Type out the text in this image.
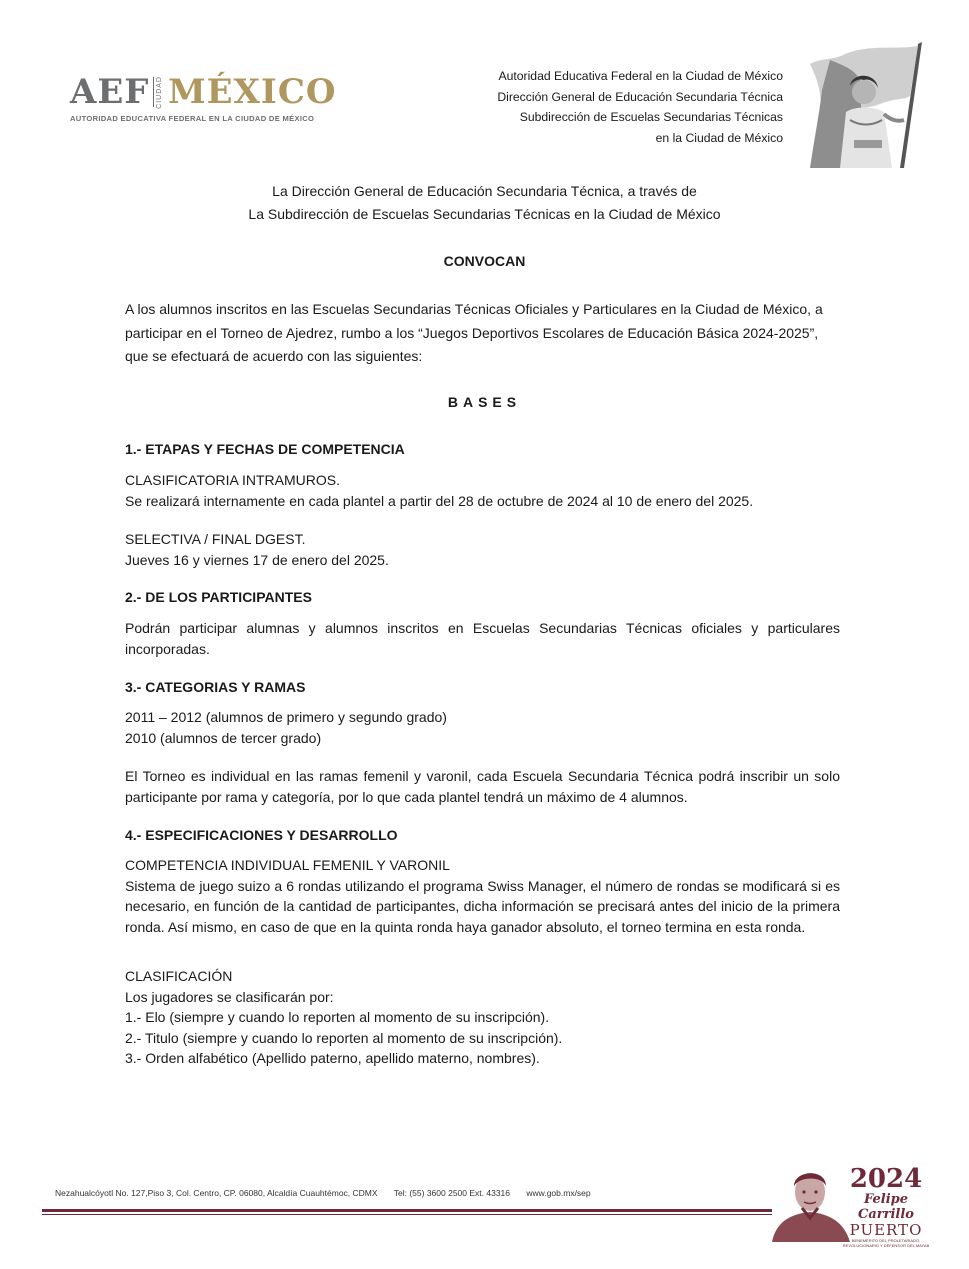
AEF CIUDAD MÉXICO
AUTORIDAD EDUCATIVA FEDERAL EN LA CIUDAD DE MÉXICO
Autoridad Educativa Federal en la Ciudad de México
Dirección General de Educación Secundaria Técnica
Subdirección de Escuelas Secundarias Técnicas
en la Ciudad de México
La Dirección General de Educación Secundaria Técnica, a través de
La Subdirección de Escuelas Secundarias Técnicas en la Ciudad de México
CONVOCAN
A los alumnos inscritos en las Escuelas Secundarias Técnicas Oficiales y Particulares en la Ciudad de México, a participar en el Torneo de Ajedrez, rumbo a los “Juegos Deportivos Escolares de Educación Básica 2024-2025”, que se efectuará de acuerdo con las siguientes:
BASES
1.- ETAPAS Y FECHAS DE COMPETENCIA
CLASIFICATORIA INTRAMUROS.
Se realizará internamente en cada plantel a partir del 28 de octubre de 2024 al 10 de enero del 2025.
SELECTIVA / FINAL DGEST.
Jueves 16 y viernes 17 de enero del 2025.
2.- DE LOS PARTICIPANTES
Podrán participar alumnas y alumnos inscritos en Escuelas Secundarias Técnicas oficiales y particulares incorporadas.
3.- CATEGORIAS Y RAMAS
2011 – 2012 (alumnos de primero y segundo grado)
2010 (alumnos de tercer grado)
El Torneo es individual en las ramas femenil y varonil, cada Escuela Secundaria Técnica podrá inscribir un solo participante por rama y categoría, por lo que cada plantel tendrá un máximo de 4 alumnos.
4.- ESPECIFICACIONES Y DESARROLLO
COMPETENCIA INDIVIDUAL FEMENIL Y VARONIL
Sistema de juego suizo a 6 rondas utilizando el programa Swiss Manager, el número de rondas se modificará si es necesario, en función de la cantidad de participantes, dicha información se precisará antes del inicio de la primera ronda. Así mismo, en caso de que en la quinta ronda haya ganador absoluto, el torneo termina en esta ronda.
CLASIFICACIÓN
Los jugadores se clasificarán por:
1.- Elo (siempre y cuando lo reporten al momento de su inscripción).
2.- Titulo (siempre y cuando lo reporten al momento de su inscripción).
3.- Orden alfabético (Apellido paterno, apellido materno, nombres).
Nezahualcóyotl No. 127,Piso 3, Col. Centro, CP. 06080, Alcaldía Cuauhtémoc, CDMX Tel: (55) 3600 2500 Ext. 43316 www.gob.mx/sep	2024
Felipe Carrillo
PUERTO
BENEMÉRITO DEL PROLETARIADO, REVOLUCIONARIO Y DEFENSOR DEL MAYAB
